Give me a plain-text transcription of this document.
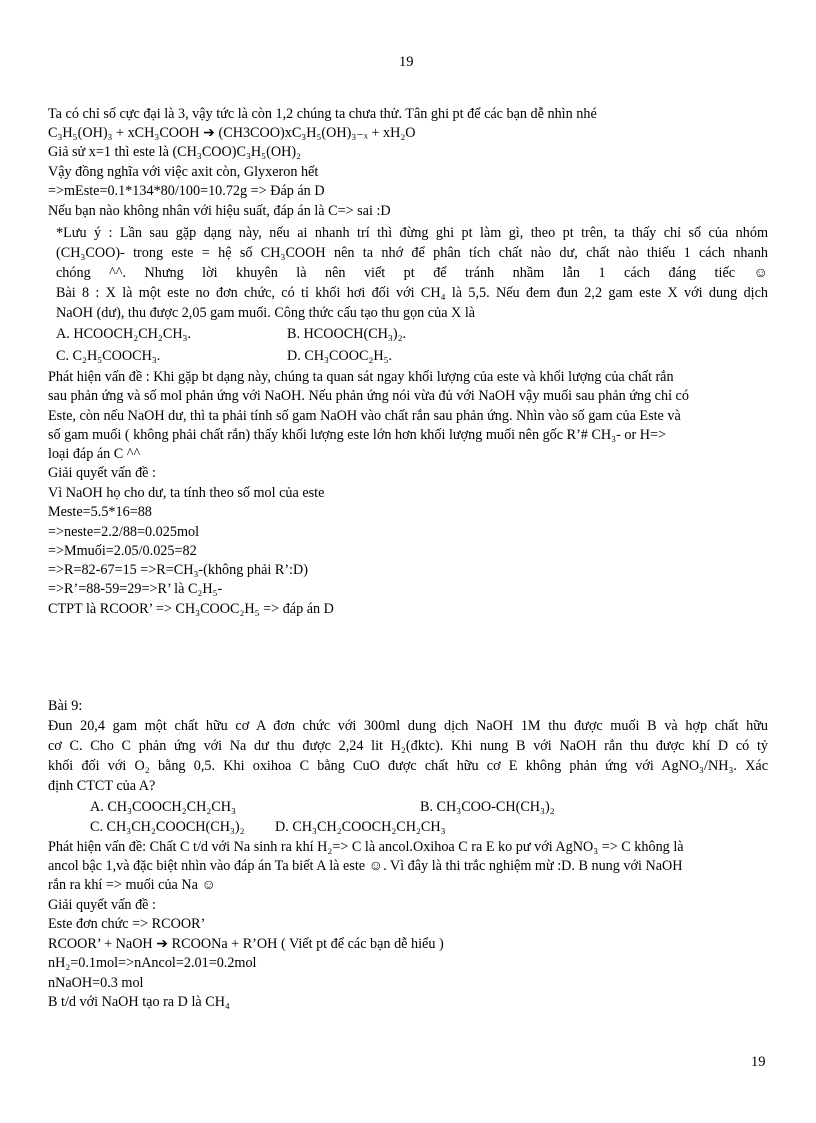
19
Ta có chỉ số cực đại là 3, vậy tức là còn 1,2 chúng ta chưa thử. Tân ghi pt để các bạn dễ nhìn nhé
C₃H₅(OH)₃ + xCH₃COOH ➔ (CH3COO)xC₃H₅(OH)₃₋ₓ + xH₂O
Giả sử x=1 thì este là (CH₃COO)C₃H₅(OH)₂
Vậy đồng nghĩa với việc axit còn, Glyxeron hết
=>mEste=0.1*134*80/100=10.72g => Đáp án D
Nếu bạn nào không nhân với hiệu suất, đáp án là C=> sai :D
*Lưu ý : Lần sau gặp dạng này, nếu ai nhanh trí thì đừng ghi pt làm gì, theo pt trên, ta thấy chỉ số của nhóm
(CH₃COO)- trong este = hệ số CH₃COOH nên ta nhớ để phân tích chất nào dư, chất nào thiếu 1 cách nhanh
chóng ^^. Nhưng lời khuyên là nên viết pt để tránh nhầm lẫn 1 cách đáng tiếc ☺
Bài 8 : X là một este no đơn chức, có tỉ khối hơi đối với CH₄ là 5,5. Nếu đem đun 2,2 gam este X với dung dịch
NaOH (dư), thu được 2,05 gam muối. Công thức cấu tạo thu gọn của X là
A. HCOOCH₂CH₂CH₃.	B. HCOOCH(CH₃)₂.
C. C₂H₅COOCH₃.	D. CH₃COOC₂H₅.
Phát hiện vấn đề : Khi gặp bt dạng này, chúng ta quan sát ngay khối lượng của este và khối lượng của chất rắn
sau phản ứng và số mol phản ứng với NaOH. Nếu phản ứng nói vừa đủ với NaOH vậy muối sau phản ứng chỉ có
Este, còn nếu NaOH dư, thì ta phải tính số gam NaOH vào chất rắn sau phản ứng. Nhìn vào số gam của Este và
số gam muối ( không phải chất rắn) thấy khối lượng este lớn hơn khối lượng muối nên gốc R’# CH₃- or H=>
loại đáp án C ^^
Giải quyết vấn đề :
Vì NaOH họ cho dư, ta tính theo số mol của este
Meste=5.5*16=88
=>neste=2.2/88=0.025mol
=>Mmuối=2.05/0.025=82
=>R=82-67=15 =>R=CH₃-(không phải R’:D)
=>R’=88-59=29=>R’ là C₂H₅-
CTPT là RCOOR’ => CH₃COOC₂H₅ => đáp án D
Bài 9:
Đun 20,4 gam một chất hữu cơ A đơn chức với 300ml dung dịch NaOH 1M thu được muối B và hợp chất hữu
cơ C. Cho C phản ứng với Na dư thu được 2,24 lit H₂(đktc). Khi nung B với NaOH rắn thu được khí D có tỷ
khối đối với O₂ bằng 0,5. Khi oxihoa C bằng CuO được chất hữu cơ E không phản ứng với AgNO₃/NH₃. Xác
định CTCT của A?
A. CH₃COOCH₂CH₂CH₃	B. CH₃COO-CH(CH₃)₂
C. CH₃CH₂COOCH(CH₃)₂ D. CH₃CH₂COOCH₂CH₂CH₃
Phát hiện vấn đề: Chất C t/d với Na sinh ra khí H₂=> C là ancol.Oxihoa C ra E ko pư với AgNO₃ => C không là
ancol bậc 1,và đặc biệt nhìn vào đáp án Ta biết A là este ☺. Vì đây là thi trắc nghiệm mừ :D. B nung với NaOH
rắn ra khí => muối của Na ☺
Giải quyết vấn đề :
Este đơn chức => RCOOR’
RCOOR’ + NaOH ➔ RCOONa + R’OH ( Viết pt để các bạn dễ hiểu )
nH₂=0.1mol=>nAncol=2.01=0.2mol
nNaOH=0.3 mol
B t/d với NaOH tạo ra D là CH₄
19
